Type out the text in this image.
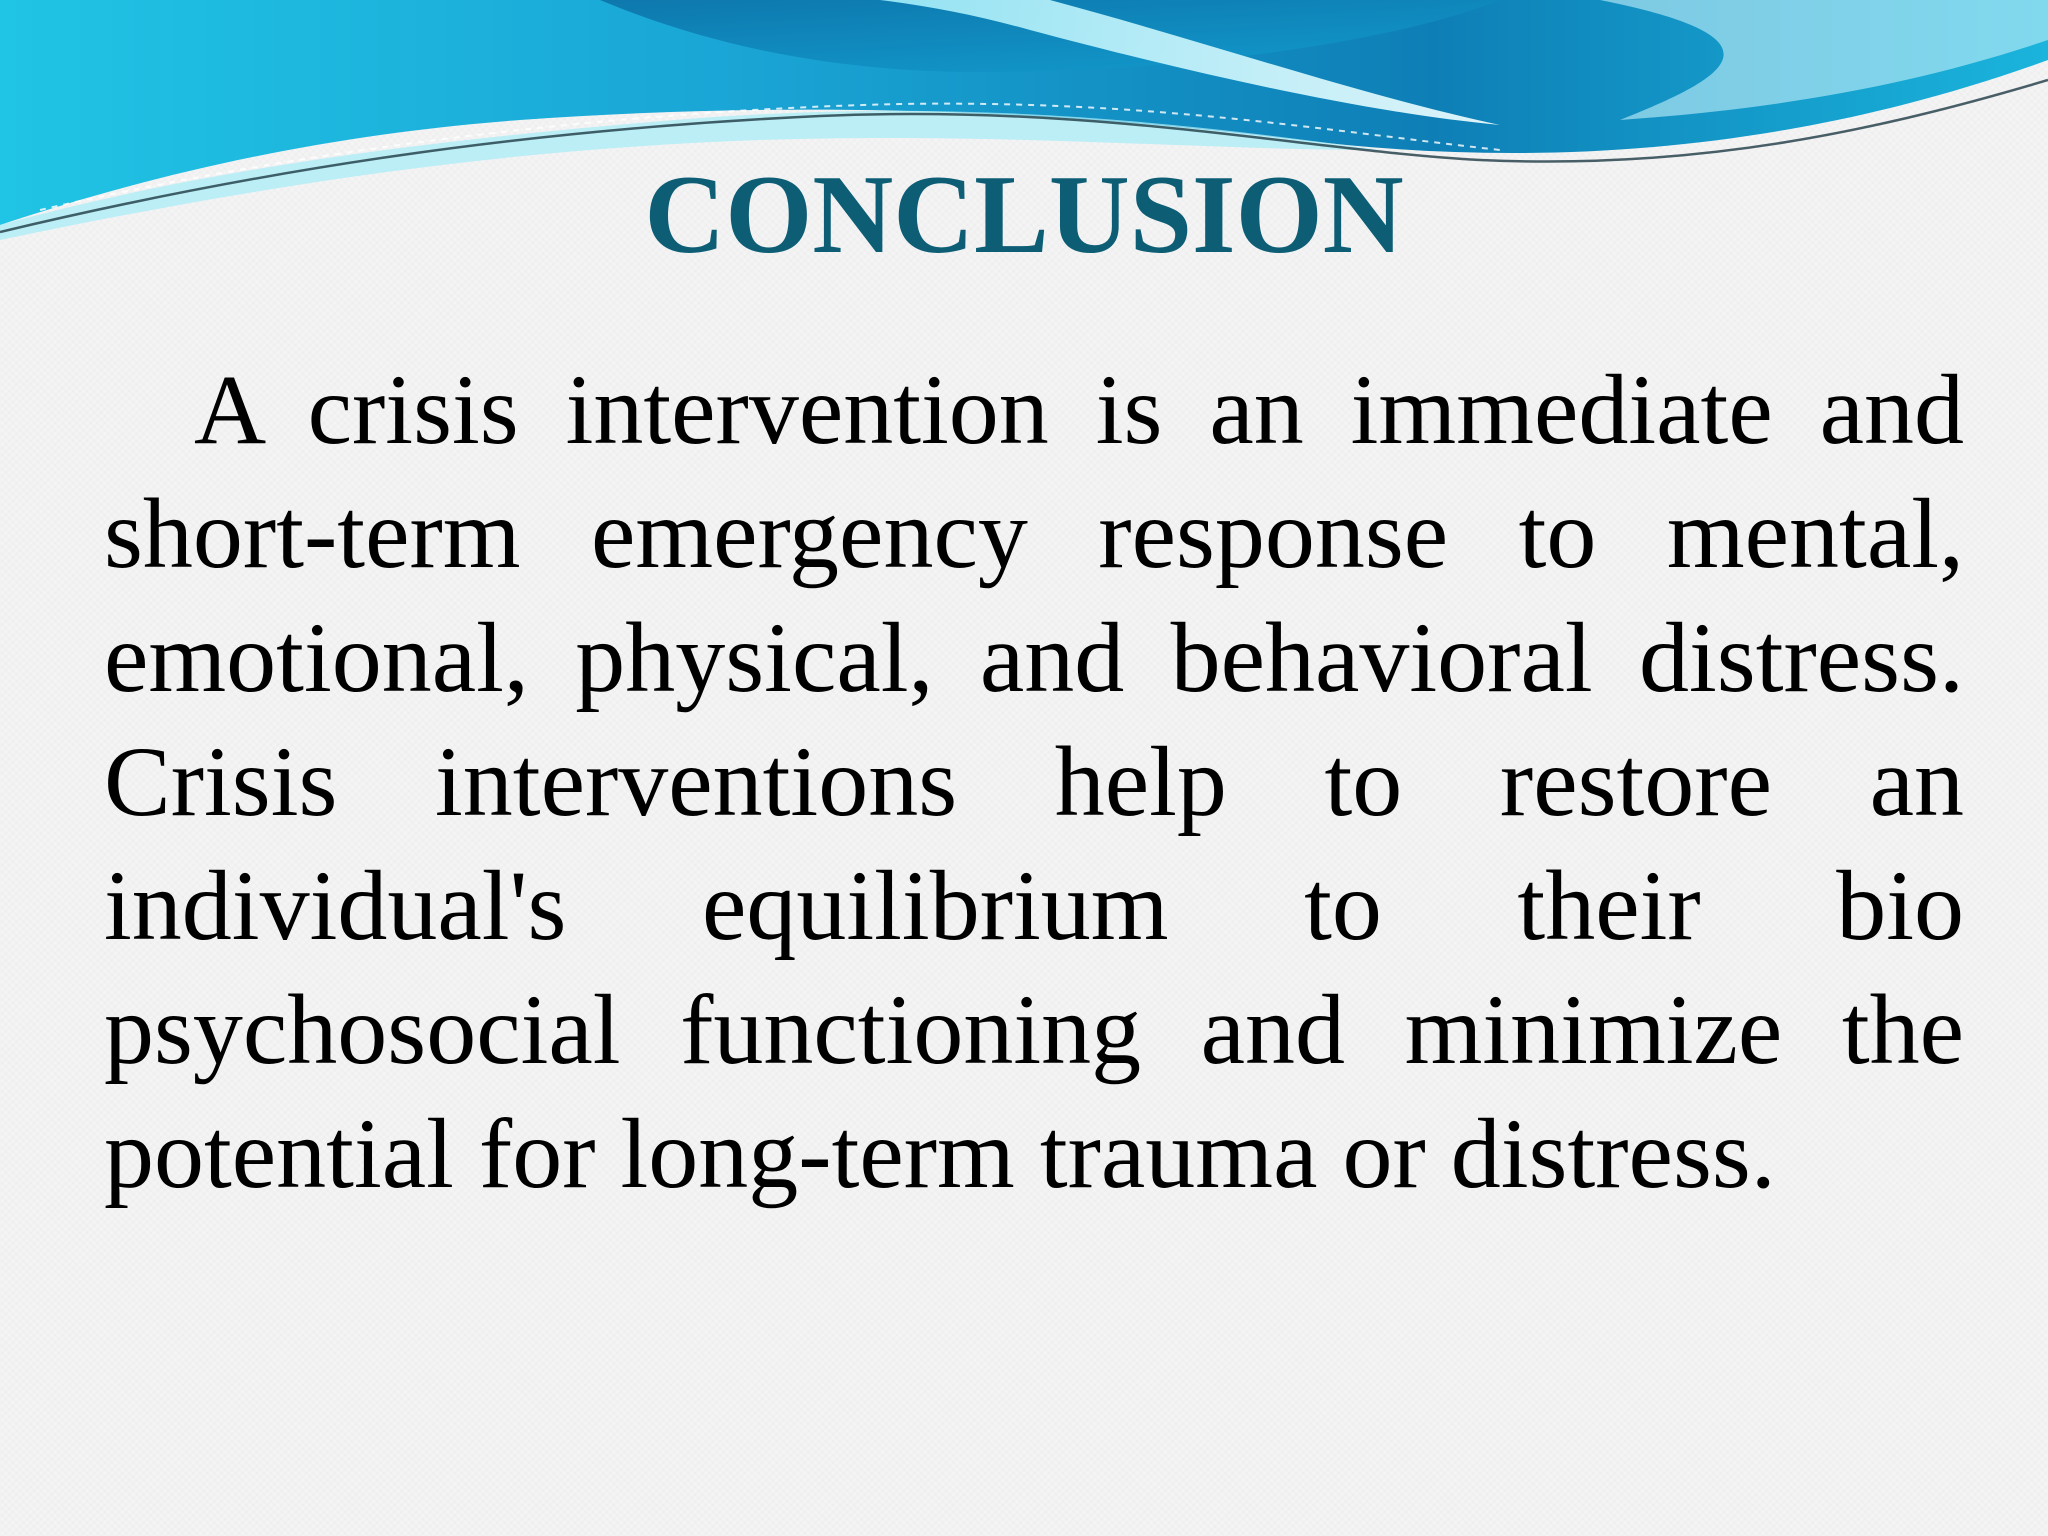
CONCLUSION

A crisis intervention is an immediate and short-term emergency response to mental, emotional, physical, and behavioral distress. Crisis interventions help to restore an individual's equilibrium to their bio psychosocial functioning and minimize the potential for long-term trauma or distress.
